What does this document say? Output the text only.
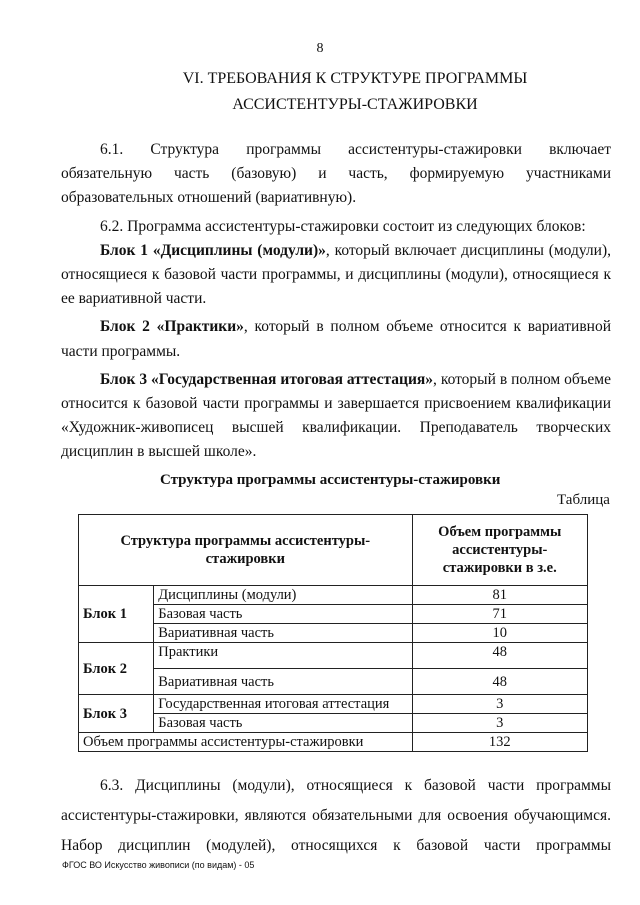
8
VI. ТРЕБОВАНИЯ К СТРУКТУРЕ ПРОГРАММЫ
АССИСТЕНТУРЫ-СТАЖИРОВКИ

6.1. Структура программы ассистентуры-стажировки включает обязательную часть (базовую) и часть, формируемую участниками образовательных отношений (вариативную).

6.2. Программа ассистентуры-стажировки состоит из следующих блоков:

Блок 1 «Дисциплины (модули)», который включает дисциплины (модули), относящиеся к базовой части программы, и дисциплины (модули), относящиеся к ее вариативной части.

Блок 2 «Практики», который в полном объеме относится к вариативной части программы.

Блок 3 «Государственная итоговая аттестация», который в полном объеме относится к базовой части программы и завершается присвоением квалификации «Художник-живописец высшей квалификации. Преподаватель творческих

дисциплин в высшей школе».

Структура программы ассистентуры-стажировки
Таблица
Структура программы ассистентуры-стажировки		Объем программы ассистентуры-стажировки в з.е.

Блок 1	Дисциплины (модули)	81
	Базовая часть	71
	Вариативная часть	10
Блок 2	Практики	48
	Вариативная часть	48
Блок 3	Государственная итоговая аттестация	3
	Базовая часть	3
Объем программы ассистентуры-стажировки		132

6.3. Дисциплины (модули), относящиеся к базовой части программы ассистентуры-стажировки, являются обязательными для освоения обучающимся. Набор дисциплин (модулей), относящихся к базовой части программы

ФГОС ВО Искусство живописи (по видам) - 05
